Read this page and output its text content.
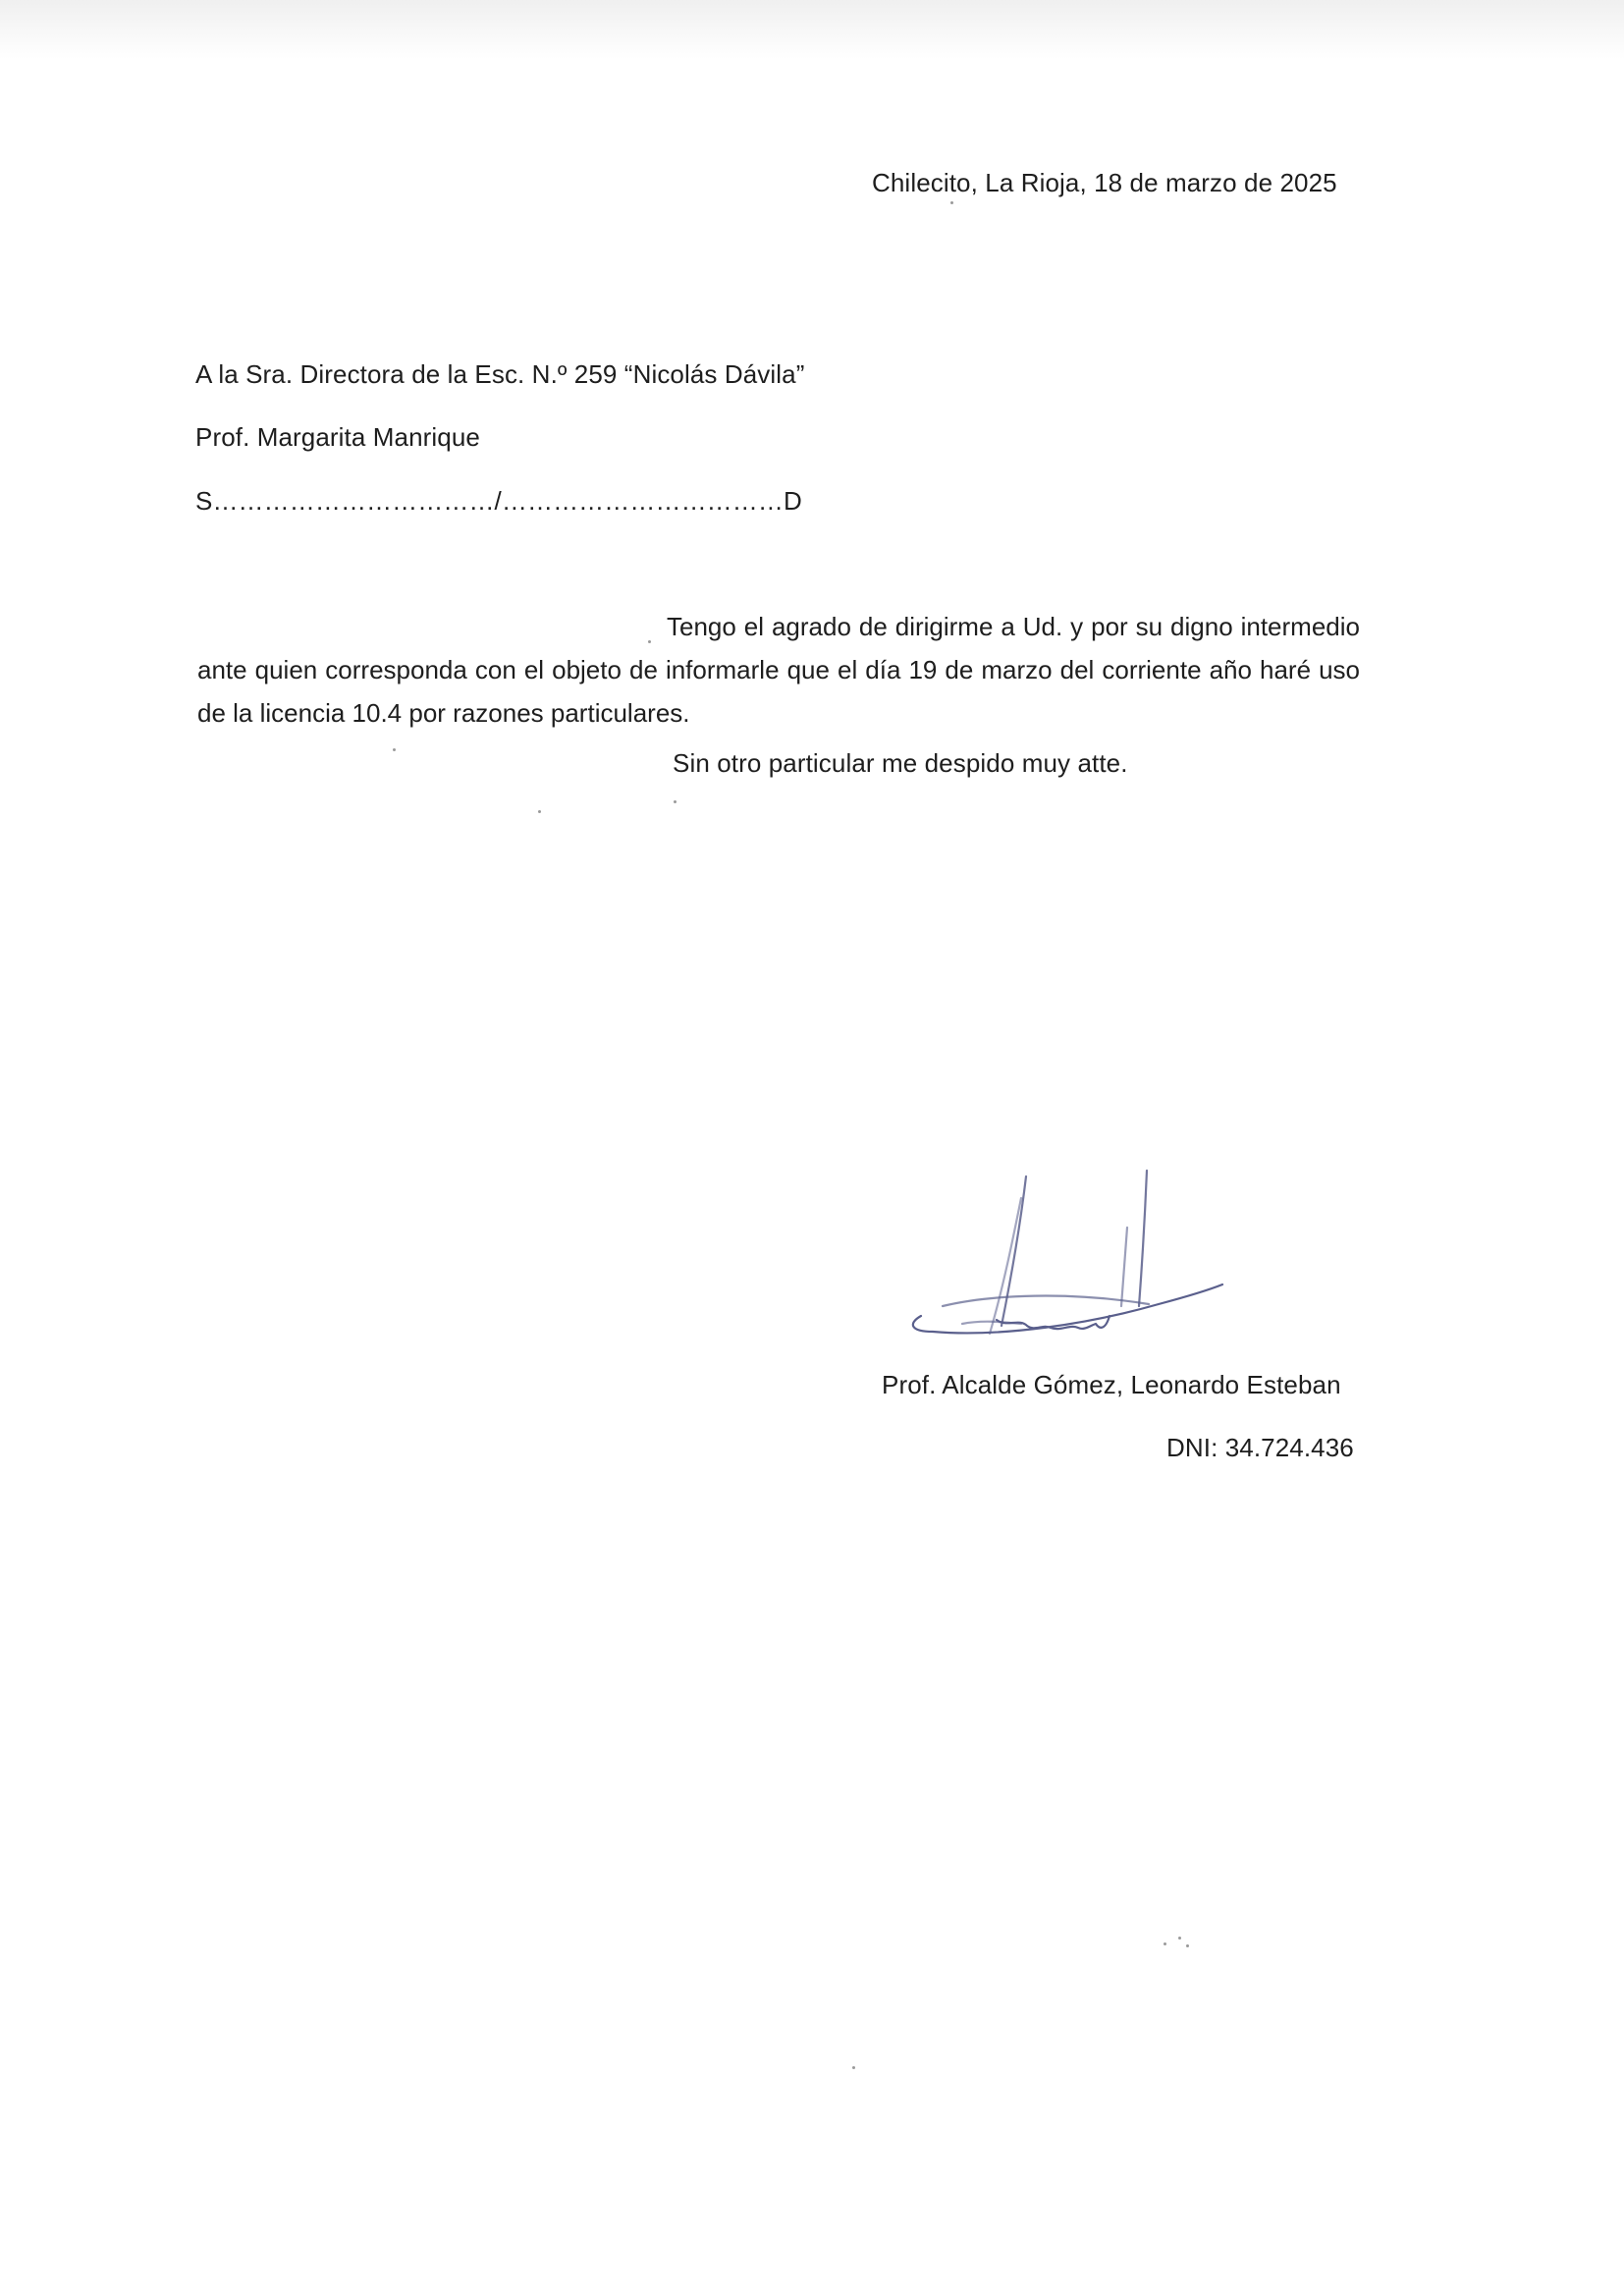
Chilecito, La Rioja, 18 de marzo de 2025
A la Sra. Directora de la Esc. N.º 259 “Nicolás Dávila”
Prof. Margarita Manrique
S……………………………/……………………………D
Tengo el agrado de dirigirme a Ud. y por su digno intermedio ante quien corresponda con el objeto de informarle que el día 19 de marzo del corriente año haré uso de la licencia 10.4 por razones particulares.
Sin otro particular me despido muy atte.
Prof. Alcalde Gómez, Leonardo Esteban
DNI: 34.724.436
